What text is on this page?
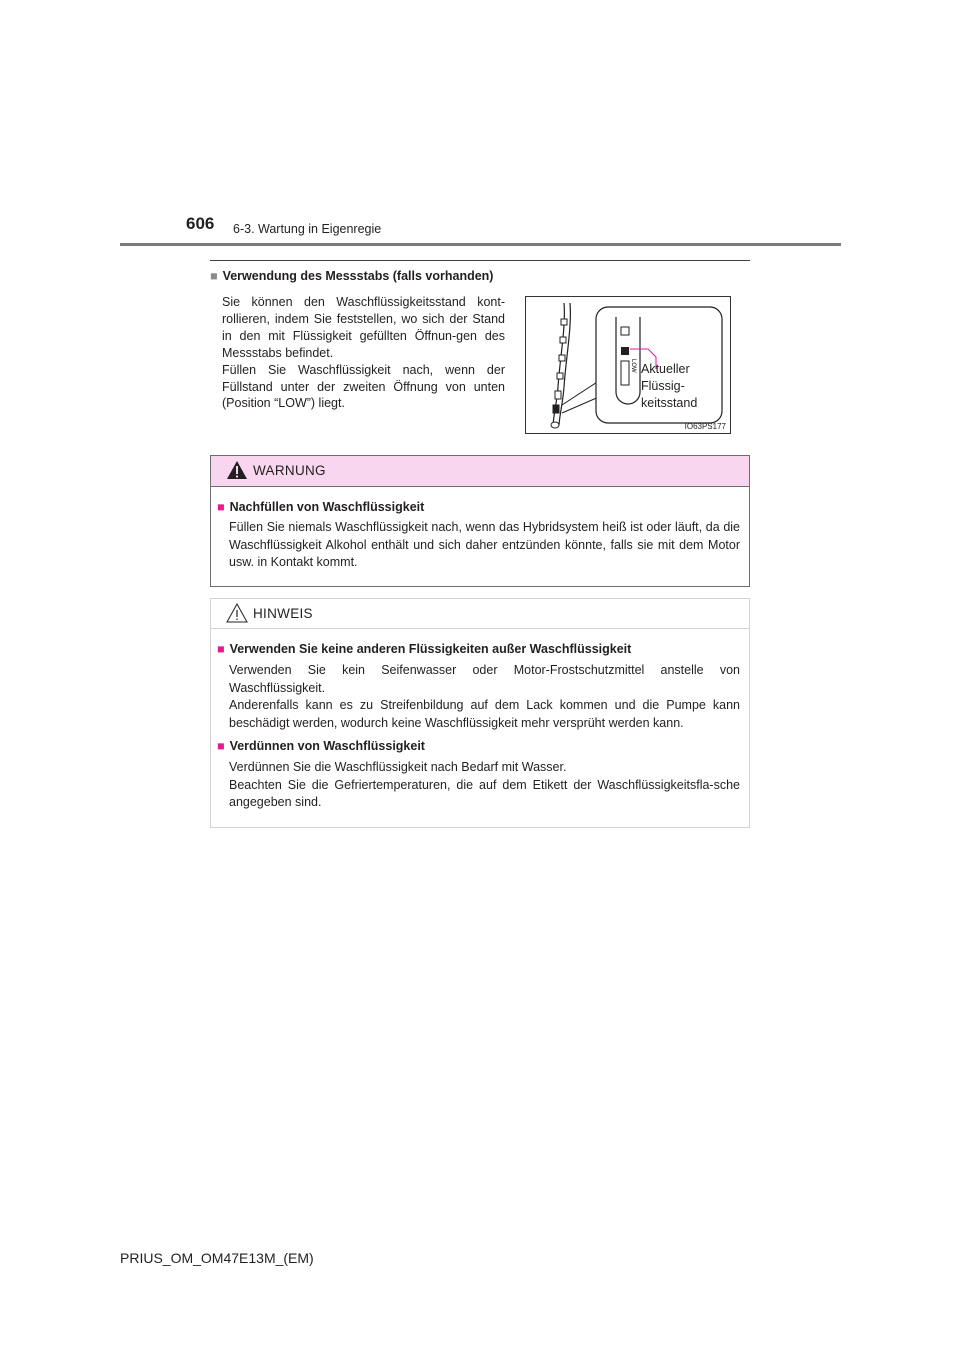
606 6-3. Wartung in Eigenregie
■ Verwendung des Messstabs (falls vorhanden)

Sie können den Waschflüssigkeitsstand kont-rollieren, indem Sie feststellen, wo sich der Stand in den mit Flüssigkeit gefüllten Öffnun-gen des Messstabs befindet.

Füllen Sie Waschflüssigkeit nach, wenn der Füllstand unter der zweiten Öffnung von unten (Position “LOW”) liegt.

LOW Aktueller
Flüssig-
keitsstand
IO63PS177
WARNUNG
■ Nachfüllen von Waschflüssigkeit

Füllen Sie niemals Waschflüssigkeit nach, wenn das Hybridsystem heiß ist oder läuft, da die Waschflüssigkeit Alkohol enthält und sich daher entzünden könnte, falls sie mit dem Motor usw. in Kontakt kommt.

HINWEIS
■ Verwenden Sie keine anderen Flüssigkeiten außer Waschflüssigkeit

Verwenden Sie kein Seifenwasser oder Motor-Frostschutzmittel anstelle von Waschflüssigkeit.

Anderenfalls kann es zu Streifenbildung auf dem Lack kommen und die Pumpe kann beschädigt werden, wodurch keine Waschflüssigkeit mehr versprüht werden kann.

■ Verdünnen von Waschflüssigkeit

Verdünnen Sie die Waschflüssigkeit nach Bedarf mit Wasser.

Beachten Sie die Gefriertemperaturen, die auf dem Etikett der Waschflüssigkeitsfla-sche angegeben sind.

PRIUS_OM_OM47E13M_(EM)
